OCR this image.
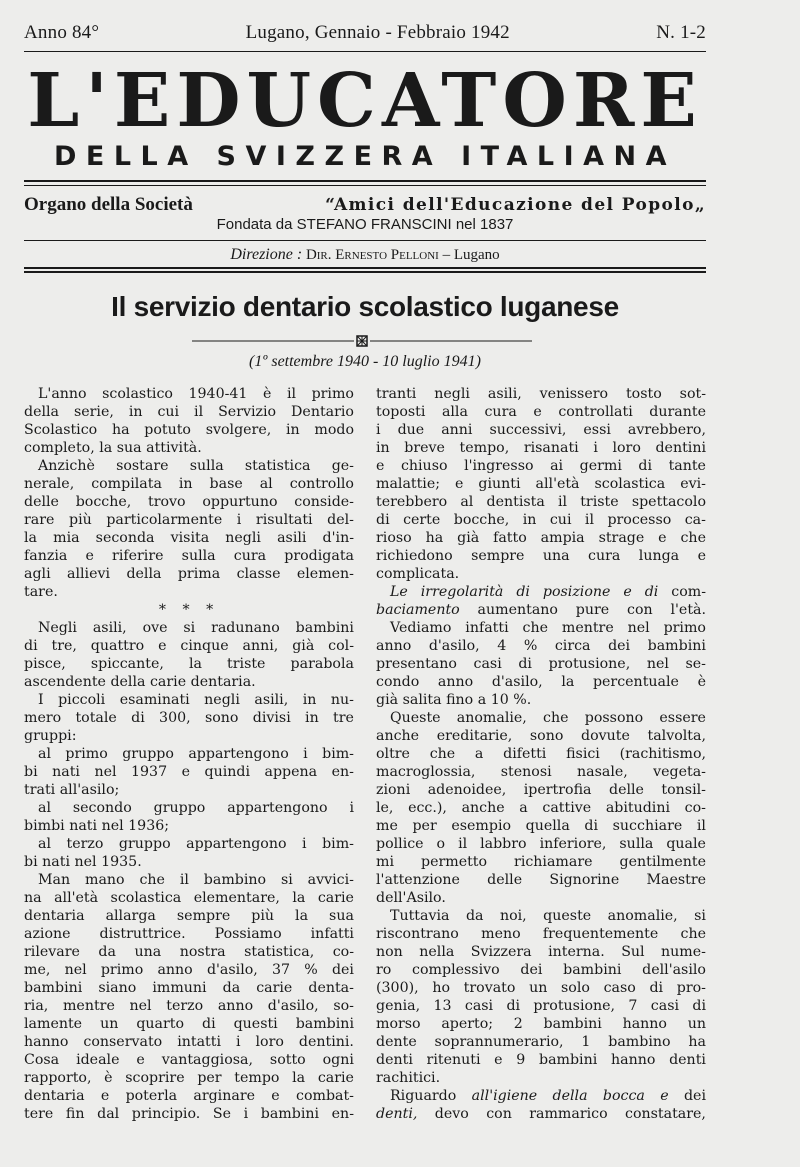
Anno 84°	Lugano, Gennaio - Febbraio 1942	N. 1-2
L'EDUCATORE
DELLA SVIZZERA ITALIANA
Organo della Società	“Amici dell'Educazione del Popolo„
Fondata da STEFANO FRANSCINI nel 1837
Direzione : Dir. Ernesto Pelloni – Lugano
Il servizio dentario scolastico luganese
(1º settembre 1940 - 10 luglio 1941)
L'anno scolastico 1940-41 è il primo
della serie, in cui il Servizio Dentario
Scolastico ha potuto svolgere, in modo
completo, la sua attività.
Anzichè sostare sulla statistica ge-
nerale, compilata in base al controllo
delle bocche, trovo oppurtuno conside-
rare più particolarmente i risultati del-
la mia seconda visita negli asili d'in-
fanzia e riferire sulla cura prodigata
agli allievi della prima classe elemen-
tare.
* * *
Negli asili, ove si radunano bambini
di tre, quattro e cinque anni, già col-
pisce, spiccante, la triste parabola
ascendente della carie dentaria.
I piccoli esaminati negli asili, in nu-
mero totale di 300, sono divisi in tre
gruppi:
al primo gruppo appartengono i bim-
bi nati nel 1937 e quindi appena en-
trati all'asilo;
al secondo gruppo appartengono i
bimbi nati nel 1936;
al terzo gruppo appartengono i bim-
bi nati nel 1935.
Man mano che il bambino si avvici-
na all'età scolastica elementare, la carie
dentaria allarga sempre più la sua
azione distruttrice. Possiamo infatti
rilevare da una nostra statistica, co-
me, nel primo anno d'asilo, 37 % dei
bambini siano immuni da carie denta-
ria, mentre nel terzo anno d'asilo, so-
lamente un quarto di questi bambini
hanno conservato intatti i loro dentini.
Cosa ideale e vantaggiosa, sotto ogni
rapporto, è scoprire per tempo la carie
dentaria e poterla arginare e combat-
tere fin dal principio. Se i bambini en-
tranti negli asili, venissero tosto sot-
toposti alla cura e controllati durante
i due anni successivi, essi avrebbero,
in breve tempo, risanati i loro dentini
e chiuso l'ingresso ai germi di tante
malattie; e giunti all'età scolastica evi-
terebbero al dentista il triste spettacolo
di certe bocche, in cui il processo ca-
rioso ha già fatto ampia strage e che
richiedono sempre una cura lunga e
complicata.
Le irregolarità di posizione e di com-
baciamento aumentano pure con l'età.
Vediamo infatti che mentre nel primo
anno d'asilo, 4 % circa dei bambini
presentano casi di protusione, nel se-
condo anno d'asilo, la percentuale è
già salita fino a 10 %.
Queste anomalie, che possono essere
anche ereditarie, sono dovute talvolta,
oltre che a difetti fisici (rachitismo,
macroglossia, stenosi nasale, vegeta-
zioni adenoidee, ipertrofia delle tonsil-
le, ecc.), anche a cattive abitudini co-
me per esempio quella di succhiare il
pollice o il labbro inferiore, sulla quale
mi permetto richiamare gentilmente
l'attenzione delle Signorine Maestre
dell'Asilo.
Tuttavia da noi, queste anomalie, si
riscontrano meno frequentemente che
non nella Svizzera interna. Sul nume-
ro complessivo dei bambini dell'asilo
(300), ho trovato un solo caso di pro-
genia, 13 casi di protusione, 7 casi di
morso aperto; 2 bambini hanno un
dente soprannumerario, 1 bambino ha
denti ritenuti e 9 bambini hanno denti
rachitici.
Riguardo all'igiene della bocca e dei
denti, devo con rammarico constatare,
